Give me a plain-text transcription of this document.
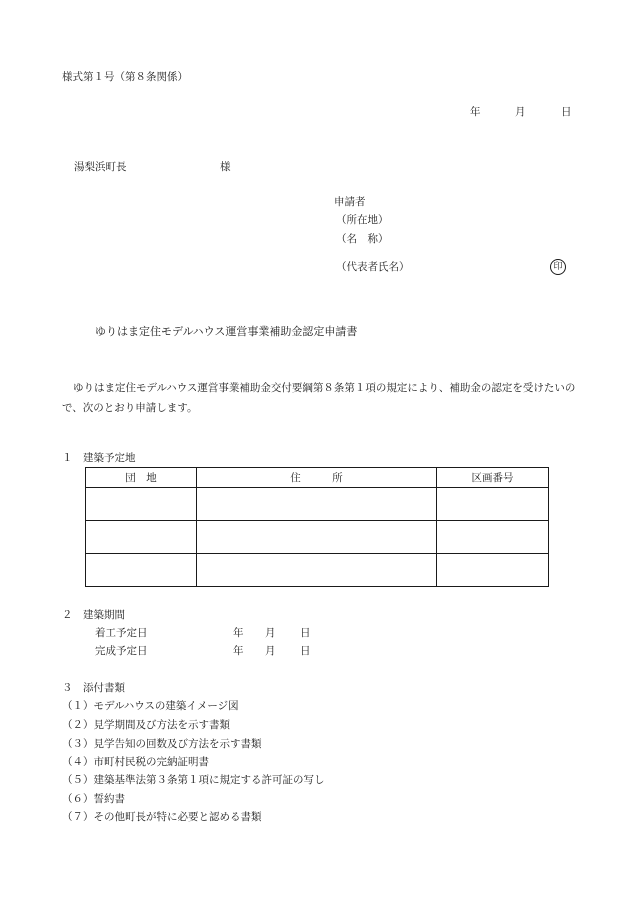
様式第１号（第８条関係）
年	月	日
湯梨浜町長	様
申請者
（所在地）
（名　称）
（代表者氏名）	印
ゆりはま定住モデルハウス運営事業補助金認定申請書
ゆりはま定住モデルハウス運営事業補助金交付要綱第８条第１項の規定により、補助金の認定を受けたいので、次のとおり申請します。
１　建築予定地
団　地	住　　　所	区画番号

２　建築期間
着工予定日	年 月 日
完成予定日	年 月 日
３　添付書類
（１）モデルハウスの建築イメージ図
（２）見学期間及び方法を示す書類
（３）見学告知の回数及び方法を示す書類
（４）市町村民税の完納証明書
（５）建築基準法第３条第１項に規定する許可証の写し
（６）誓約書
（７）その他町長が特に必要と認める書類
